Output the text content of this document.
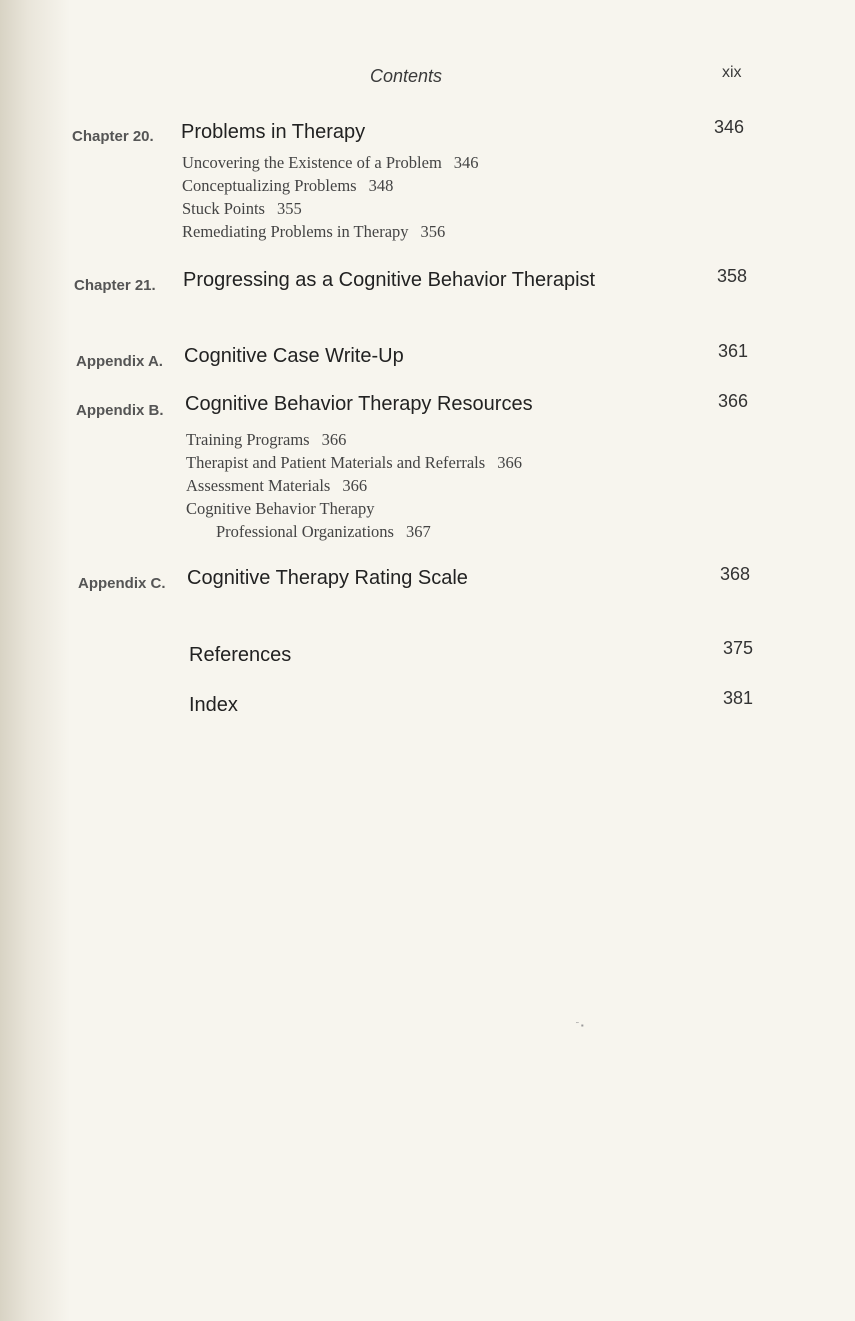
Contents	xix
Chapter 20. Problems in Therapy	346
Uncovering the Existence of a Problem 346
Conceptualizing Problems 348
Stuck Points 355
Remediating Problems in Therapy 356
Chapter 21. Progressing as a Cognitive Behavior Therapist	358
Appendix A. Cognitive Case Write-Up	361
Appendix B. Cognitive Behavior Therapy Resources	366
Training Programs 366
Therapist and Patient Materials and Referrals 366
Assessment Materials 366
Cognitive Behavior Therapy
Professional Organizations 367
Appendix C. Cognitive Therapy Rating Scale	368
References	375
Index	381
˜ ▪
